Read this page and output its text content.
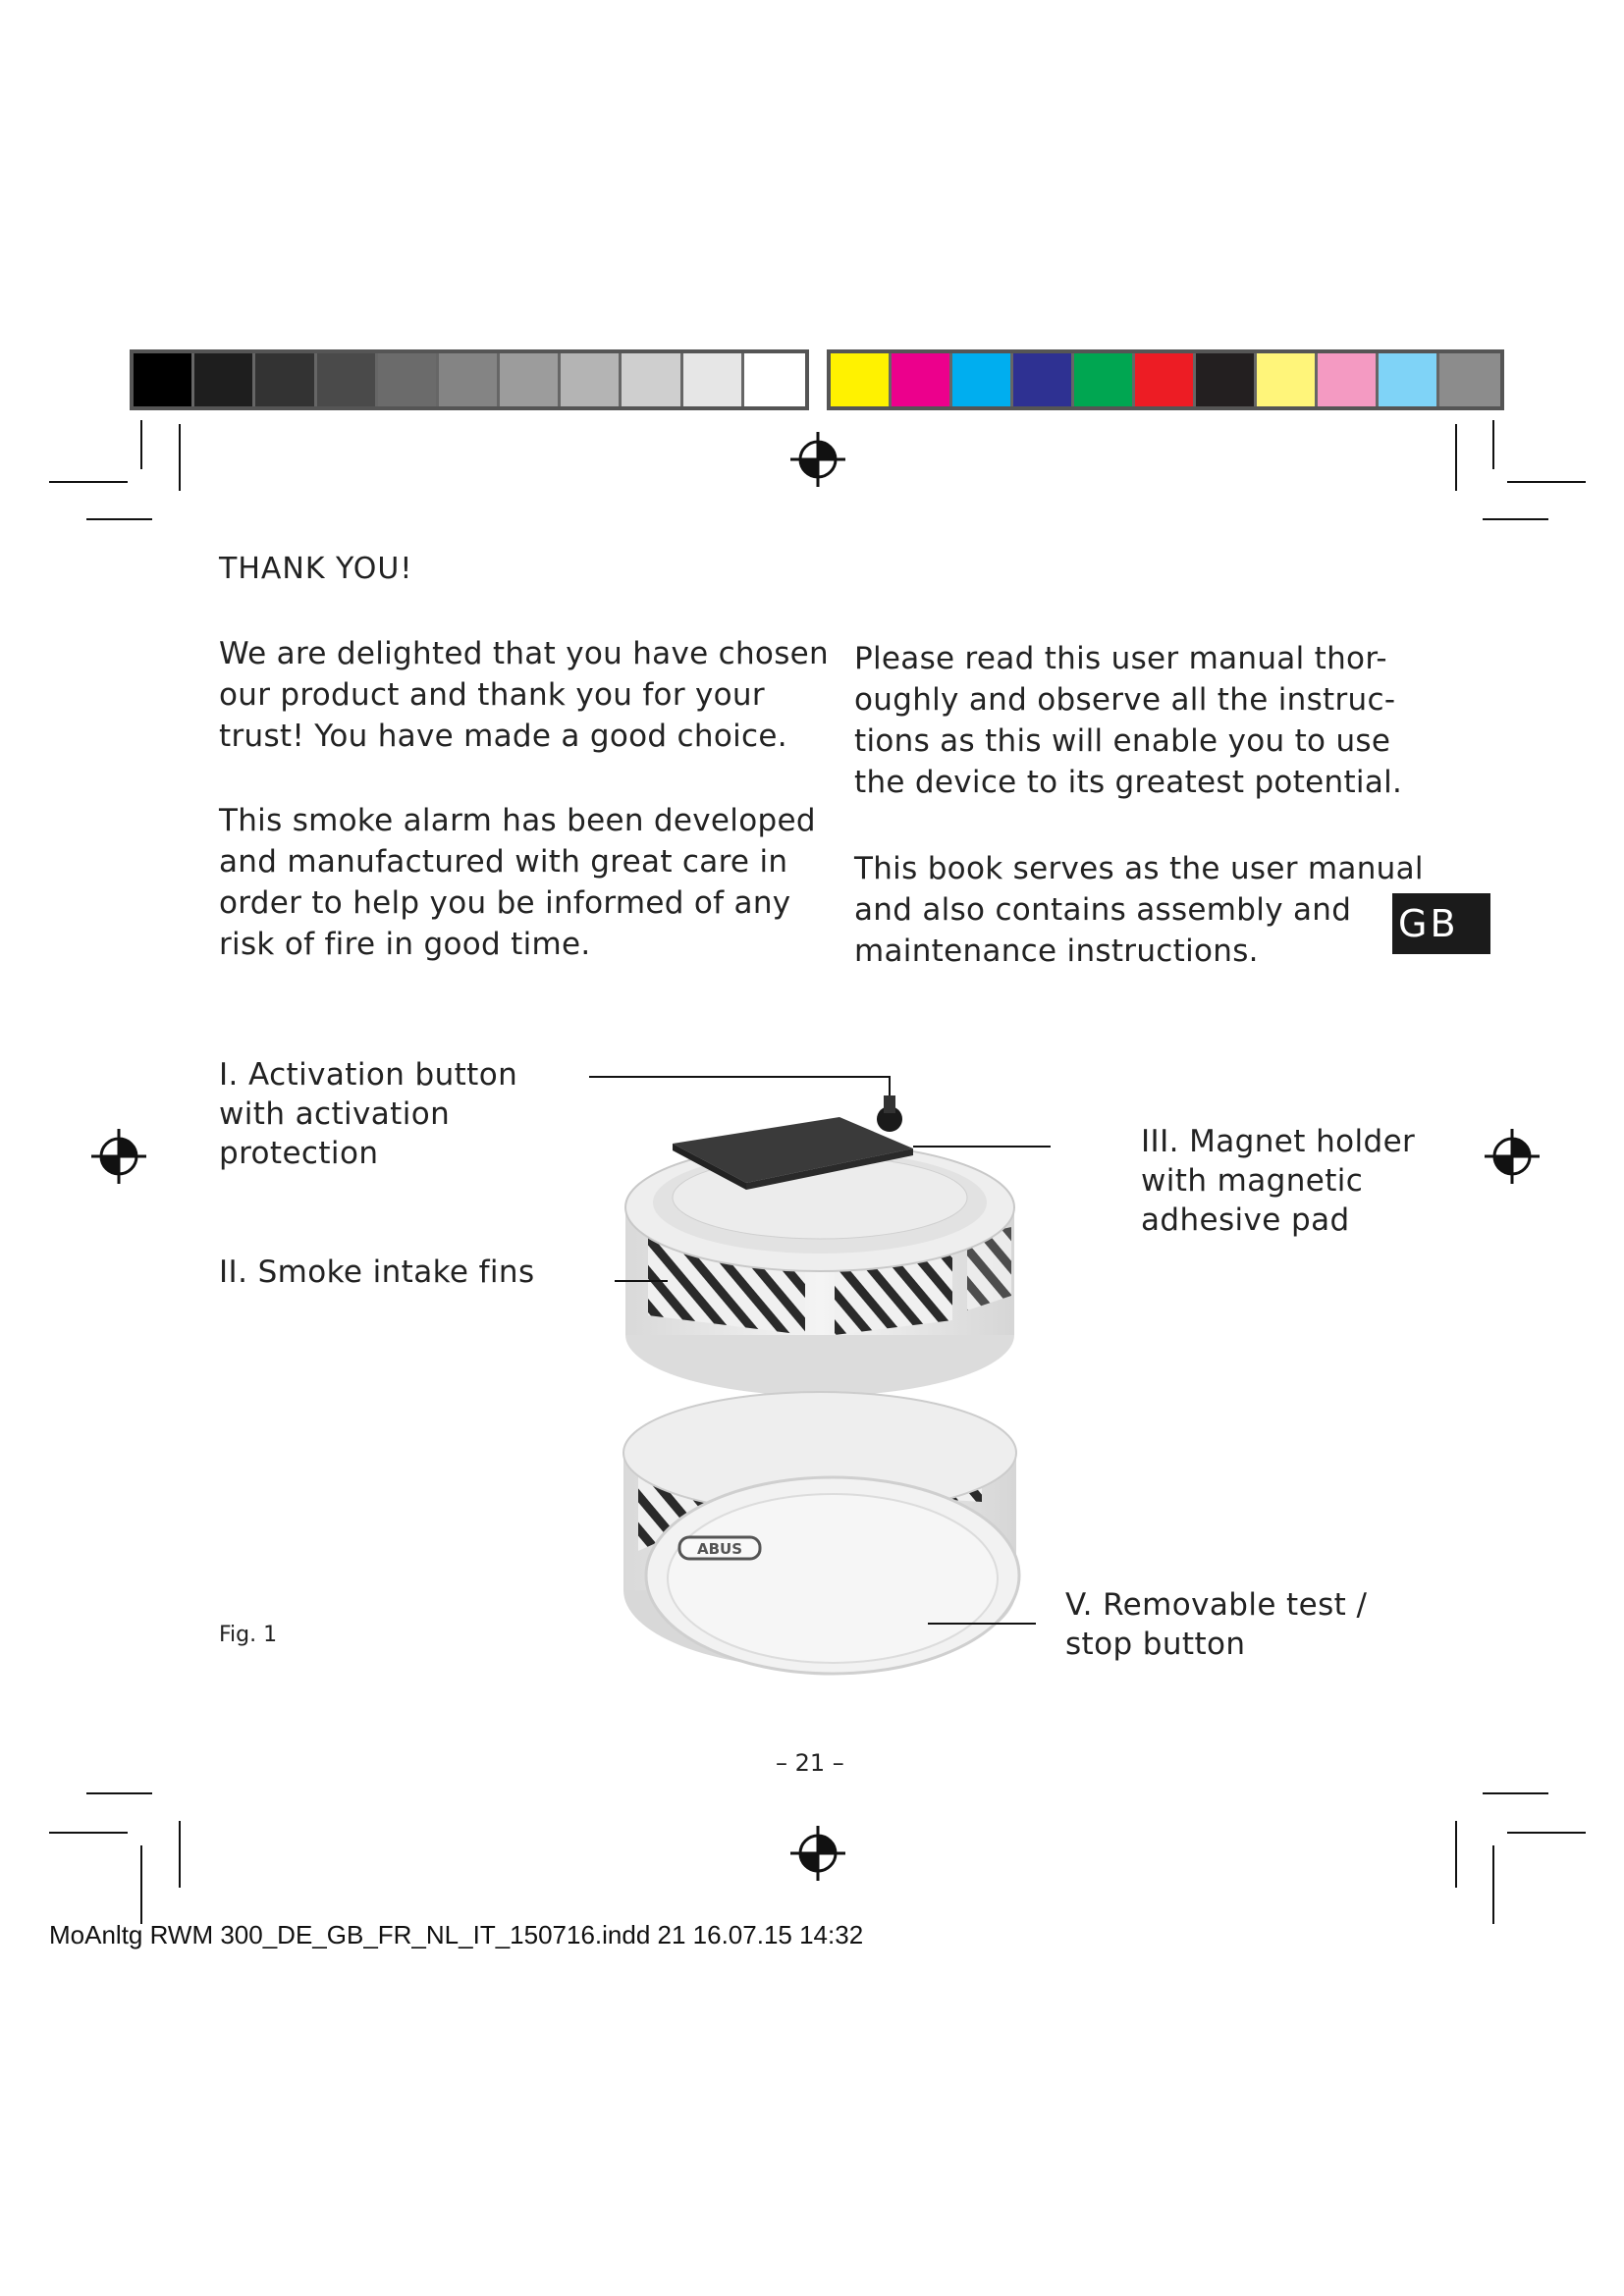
THANK YOU!
We are delighted that you have chosen
our product and thank you for your
trust! You have made a good choice.
This smoke alarm has been developed
and manufactured with great care in
order to help you be informed of any
risk of fire in good time.
Please read this user manual thor-
oughly and observe all the instruc-
tions as this will enable you to use
the device to its greatest potential.
This book serves as the user manual
and also contains assembly and
maintenance instructions.
GB
I. Activation button
with activation
protection
II. Smoke intake fins
III. Magnet holder
with magnetic
adhesive pad
V. Removable test /
stop button
Fig. 1
ABUS
– 21 –
MoAnltg RWM 300_DE_GB_FR_NL_IT_150716.indd 21 16.07.15 14:32
